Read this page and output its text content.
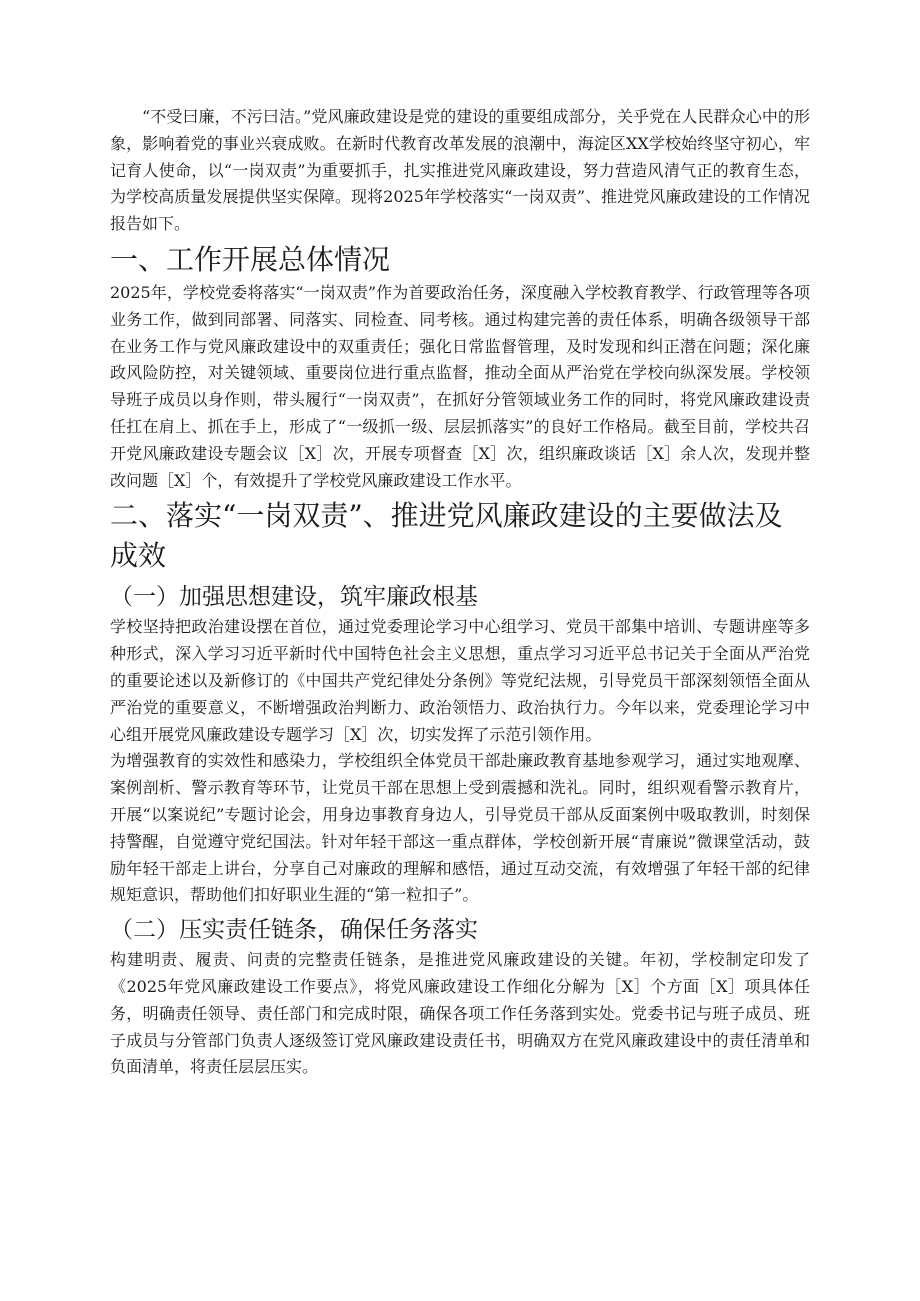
“不受曰廉，不污曰洁。”党风廉政建设是党的建设的重要组成部分，关乎党在人民群众心中的形象，影响着党的事业兴衰成败。在新时代教育改革发展的浪潮中，海淀区XX学校始终坚守初心，牢记育人使命，以“一岗双责”为重要抓手，扎实推进党风廉政建设，努力营造风清气正的教育生态，为学校高质量发展提供坚实保障。现将2025年学校落实“一岗双责”、推进党风廉政建设的工作情况报告如下。

一、工作开展总体情况

2025年，学校党委将落实“一岗双责”作为首要政治任务，深度融入学校教育教学、行政管理等各项业务工作，做到同部署、同落实、同检查、同考核。通过构建完善的责任体系，明确各级领导干部在业务工作与党风廉政建设中的双重责任；强化日常监督管理，及时发现和纠正潜在问题；深化廉政风险防控，对关键领域、重要岗位进行重点监督，推动全面从严治党在学校向纵深发展。学校领导班子成员以身作则，带头履行“一岗双责”，在抓好分管领域业务工作的同时，将党风廉政建设责任扛在肩上、抓在手上，形成了“一级抓一级、层层抓落实”的良好工作格局。截至目前，学校共召开党风廉政建设专题会议［X］次，开展专项督查［X］次，组织廉政谈话［X］余人次，发现并整改问题［X］个，有效提升了学校党风廉政建设工作水平。

二、落实“一岗双责”、推进党风廉政建设的主要做法及成效
（一）加强思想建设，筑牢廉政根基

学校坚持把政治建设摆在首位，通过党委理论学习中心组学习、党员干部集中培训、专题讲座等多种形式，深入学习习近平新时代中国特色社会主义思想，重点学习习近平总书记关于全面从严治党的重要论述以及新修订的《中国共产党纪律处分条例》等党纪法规，引导党员干部深刻领悟全面从严治党的重要意义，不断增强政治判断力、政治领悟力、政治执行力。今年以来，党委理论学习中心组开展党风廉政建设专题学习［X］次，切实发挥了示范引领作用。

为增强教育的实效性和感染力，学校组织全体党员干部赴廉政教育基地参观学习，通过实地观摩、案例剖析、警示教育等环节，让党员干部在思想上受到震撼和洗礼。同时，组织观看警示教育片，开展“以案说纪”专题讨论会，用身边事教育身边人，引导党员干部从反面案例中吸取教训，时刻保持警醒，自觉遵守党纪国法。针对年轻干部这一重点群体，学校创新开展“青廉说”微课堂活动，鼓励年轻干部走上讲台，分享自己对廉政的理解和感悟，通过互动交流，有效增强了年轻干部的纪律规矩意识，帮助他们扣好职业生涯的“第一粒扣子”。

（二）压实责任链条，确保任务落实

构建明责、履责、问责的完整责任链条，是推进党风廉政建设的关键。年初，学校制定印发了《2025年党风廉政建设工作要点》，将党风廉政建设工作细化分解为［X］个方面［X］项具体任务，明确责任领导、责任部门和完成时限，确保各项工作任务落到实处。党委书记与班子成员、班子成员与分管部门负责人逐级签订党风廉政建设责任书，明确双方在党风廉政建设中的责任清单和负面清单，将责任层层压实。
